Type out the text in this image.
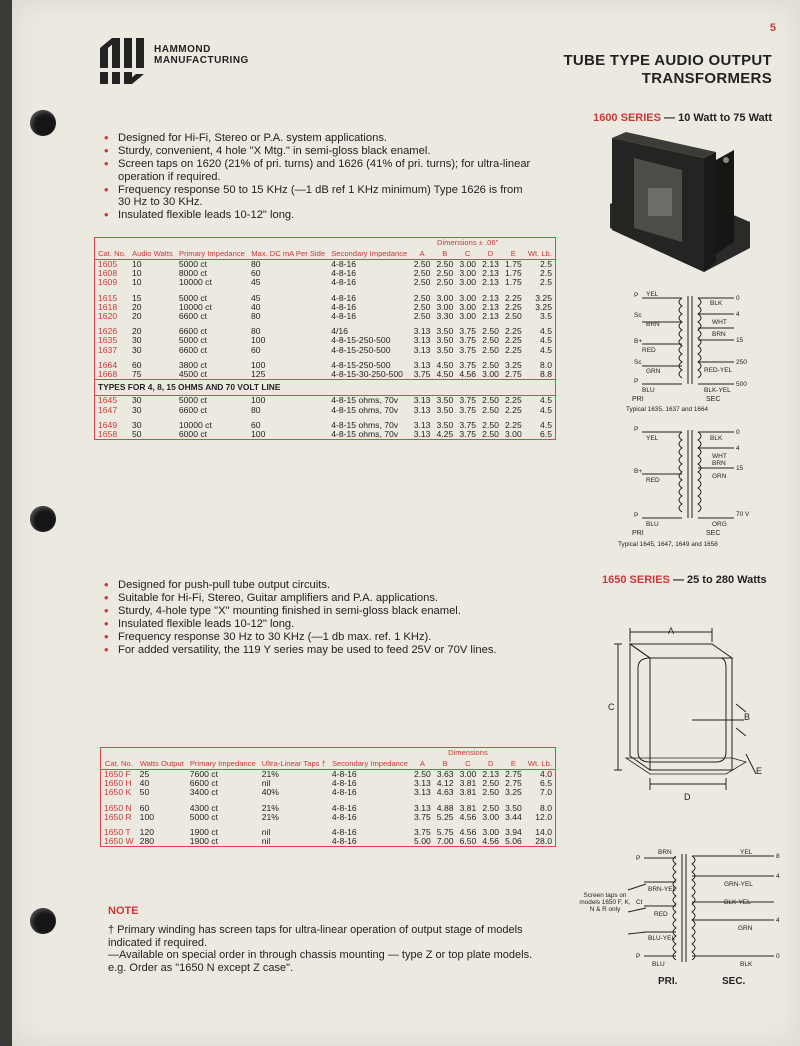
HAMMOND MANUFACTURING
5
TUBE TYPE AUDIO OUTPUT
TRANSFORMERS
1600 SERIES — 10 Watt to 75 Watt
• Designed for Hi-Fi, Stereo or P.A. system applications.
• Sturdy, convenient, 4 hole "X Mtg." in semi-gloss black enamel.
• Screen taps on 1620 (21% of pri. turns) and 1626 (41% of pri. turns); for ultra-linear operation if required.
• Frequency response 50 to 15 KHz (—1 dB ref 1 KHz minimum) Type 1626 is from 30 Hz to 30 KHz.
• Insulated flexible leads 10-12" long.
Cat. No.	Audio Watts	Primary Impedance	Max. DC mA Per Side	Secondary Impedance	Dimensions ± .06"					Wt. Lb.
					A	B	C	D	E	
1605	10	5000 ct	80	4-8-16	2.50	2.50	3.00	2.13	1.75	2.5
1608	10	8000 ct	60	4-8-16	2.50	2.50	3.00	2.13	1.75	2.5
1609	10	10000 ct	45	4-8-16	2.50	2.50	3.00	2.13	1.75	2.5

1615	15	5000 ct	45	4-8-16	2.50	3.00	3.00	2.13	2.25	3.25
1618	20	10000 ct	40	4-8-16	2.50	3.00	3.00	2.13	2.25	3.25
1620	20	6600 ct	80	4-8-16	2.50	3.30	3.00	2.13	2.50	3.5

1626	20	6600 ct	80	4/16	3.13	3.50	3.75	2.50	2.25	4.5
1635	30	5000 ct	100	4-8-15-250-500	3.13	3.50	3.75	2.50	2.25	4.5
1637	30	6600 ct	60	4-8-15-250-500	3.13	3.50	3.75	2.50	2.25	4.5

1664	60	3800 ct	100	4-8-15-250-500	3.13	4.50	3.75	2.50	3.25	8.0
1668	75	4500 ct	125	4-8-15-30-250-500	3.75	4.50	4.56	3.00	2.75	8.8
TYPES FOR 4, 8, 15 OHMS AND 70 VOLT LINE										
1645	30	5000 ct	100	4-8-15 ohms, 70v	3.13	3.50	3.75	2.50	2.25	4.5
1647	30	6600 ct	80	4-8-15 ohms, 70v	3.13	3.50	3.75	2.50	2.25	4.5

1649	30	10000 ct	60	4-8-15 ohms, 70v	3.13	3.50	3.75	2.50	2.25	4.5
1658	50	6000 ct	100	4-8-15 ohms, 70v	3.13	4.25	3.75	2.50	3.00	6.5
P YEL
Sc
BRN
B+
RED
Sc
GRN
P
BLU
BLK
0
4
WHT
BRN
15
250
RED-YEL
BLK-YEL
500
PRI	SEC
Typical 1635, 1637 and 1664
P
YEL
B+
RED
P
BLU
BLK
0
4
WHT
BRN
15
GRN
70 V
ORG
PRI	SEC
Typical 1645, 1647, 1649 and 1658
• Designed for push-pull tube output circuits.
• Suitable for Hi-Fi, Stereo, Guitar amplifiers and P.A. applications.
• Sturdy, 4-hole type "X" mounting finished in semi-gloss black enamel.
• Insulated flexible leads 10-12" long.
• Frequency response 30 Hz to 30 KHz (—1 db max. ref. 1 KHz).
• For added versatility, the 119 Y series may be used to feed 25V or 70V lines.
1650 SERIES — 25 to 280 Watts
A
B
C
D
E
Cat. No.	Watts Output	Primary Impedance	Ultra-Linear Taps †	Secondary Impedance	Dimensions					Wt. Lb.
					A	B	C	D	E	
1650 F	25	7600 ct	21%	4-8-16	2.50	3.63	3.00	2.13	2.75	4.0
1650 H	40	6600 ct	nil	4-8-16	3.13	4.12	3.81	2.50	2.75	6.5
1650 K	50	3400 ct	40%	4-8-16	3.13	4.63	3.81	2.50	3.25	7.0

1650 N	60	4300 ct	21%	4-8-16	3.13	4.88	3.81	2.50	3.50	8.0
1650 R	100	5000 ct	21%	4-8-16	3.75	5.25	4.56	3.00	3.44	12.0

1650 T	120	1900 ct	nil	4-8-16	3.75	5.75	4.56	3.00	3.94	14.0
1650 W	280	1900 ct	nil	4-8-16	5.00	7.00	6.50	4.56	5.06	28.0
P
BRN
BRN-YEL
Ct
RED
BLU-YEL
P
BLU
YEL
8
4
GRN-YEL
BLK-YEL
4
GRN
0
BLK
PRI.	SEC.
Screen taps on models 1650 F, K, N & R only
NOTE
† Primary winding has screen taps for ultra-linear operation of output stage of models indicated if required.
—Available on special order in through chassis mounting — type Z or top plate models. e.g. Order as "1650 N except Z case".
